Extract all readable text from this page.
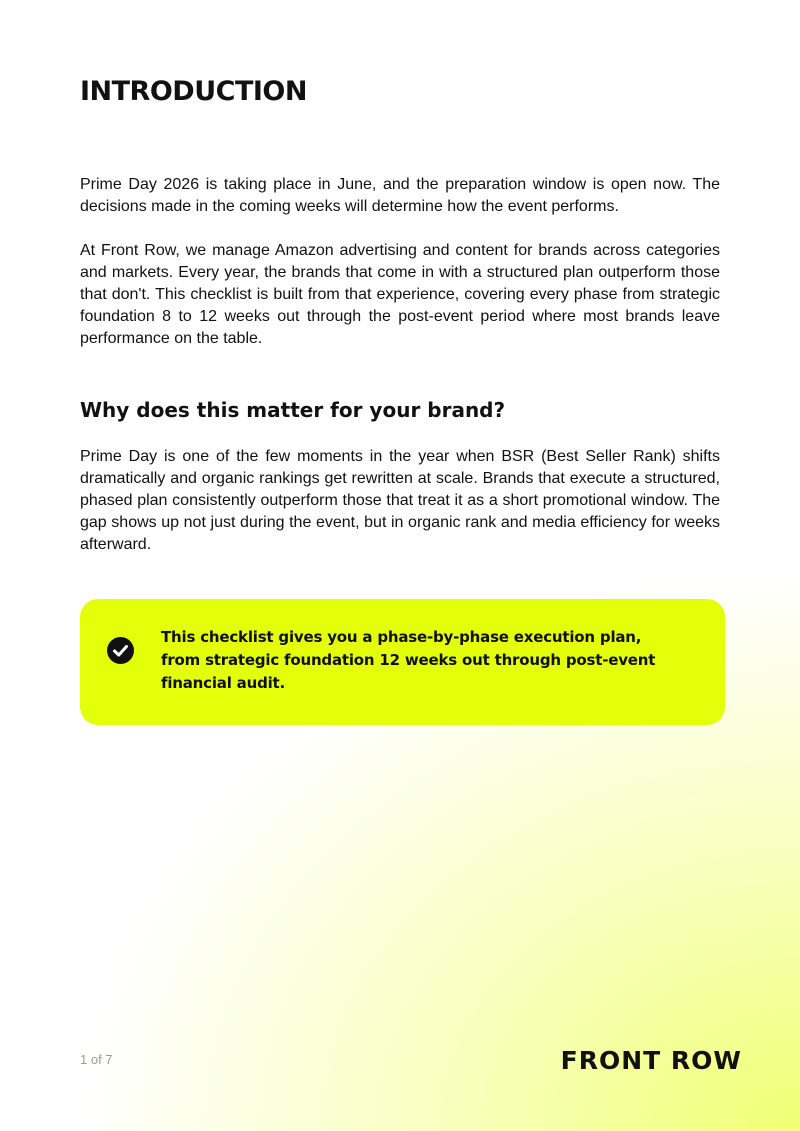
INTRODUCTION

Prime Day 2026 is taking place in June, and the preparation window is open now. The decisions made in the coming weeks will determine how the event performs.

At Front Row, we manage Amazon advertising and content for brands across categories and markets. Every year, the brands that come in with a structured plan outperform those that don't. This checklist is built from that experience, covering every phase from strategic foundation 8 to 12 weeks out through the post-event period where most brands leave performance on the table.

Why does this matter for your brand?

Prime Day is one of the few moments in the year when BSR (Best Seller Rank) shifts dramatically and organic rankings get rewritten at scale. Brands that execute a structured, phased plan consistently outperform those that treat it as a short promotional window. The gap shows up not just during the event, but in organic rank and media efficiency for weeks afterward.

This checklist gives you a phase-by-phase execution plan, from strategic foundation 12 weeks out through post-event financial audit.

1 of 7	FRONT ROW
